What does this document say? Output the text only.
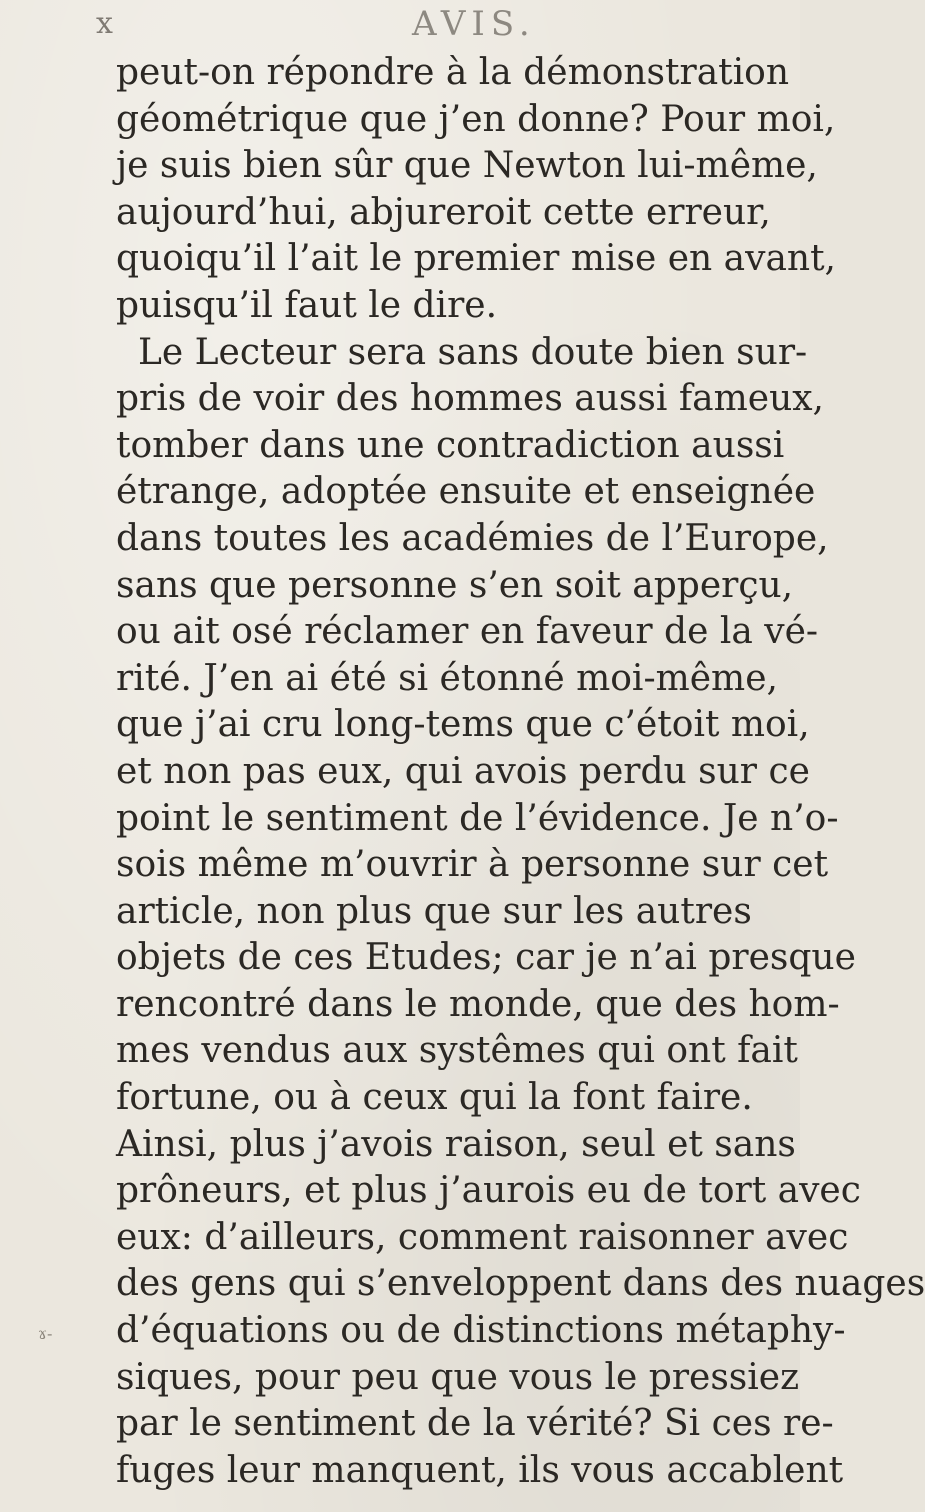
x	AVIS.
peut-on répondre à la démonstration
géométrique que j’en donne? Pour moi,
je suis bien sûr que Newton lui-même,
aujourd’hui, abjureroit cette erreur,
quoiqu’il l’ait le premier mise en avant,
puisqu’il faut le dire.
Le Lecteur sera sans doute bien sur-
pris de voir des hommes aussi fameux,
tomber dans une contradiction aussi
étrange, adoptée ensuite et enseignée
dans toutes les académies de l’Europe,
sans que personne s’en soit apperçu,
ou ait osé réclamer en faveur de la vé-
rité. J’en ai été si étonné moi-même,
que j’ai cru long-tems que c’étoit moi,
et non pas eux, qui avois perdu sur ce
point le sentiment de l’évidence. Je n’o-
sois même m’ouvrir à personne sur cet
article, non plus que sur les autres
objets de ces Etudes; car je n’ai presque
rencontré dans le monde, que des hom-
mes vendus aux systêmes qui ont fait
fortune, ou à ceux qui la font faire.
Ainsi, plus j’avois raison, seul et sans
prôneurs, et plus j’aurois eu de tort avec
eux: d’ailleurs, comment raisonner avec
des gens qui s’enveloppent dans des nuages
d’équations ou de distinctions métaphy-
siques, pour peu que vous le pressiez
par le sentiment de la vérité? Si ces re-
fuges leur manquent, ils vous accablent
ɤ-
